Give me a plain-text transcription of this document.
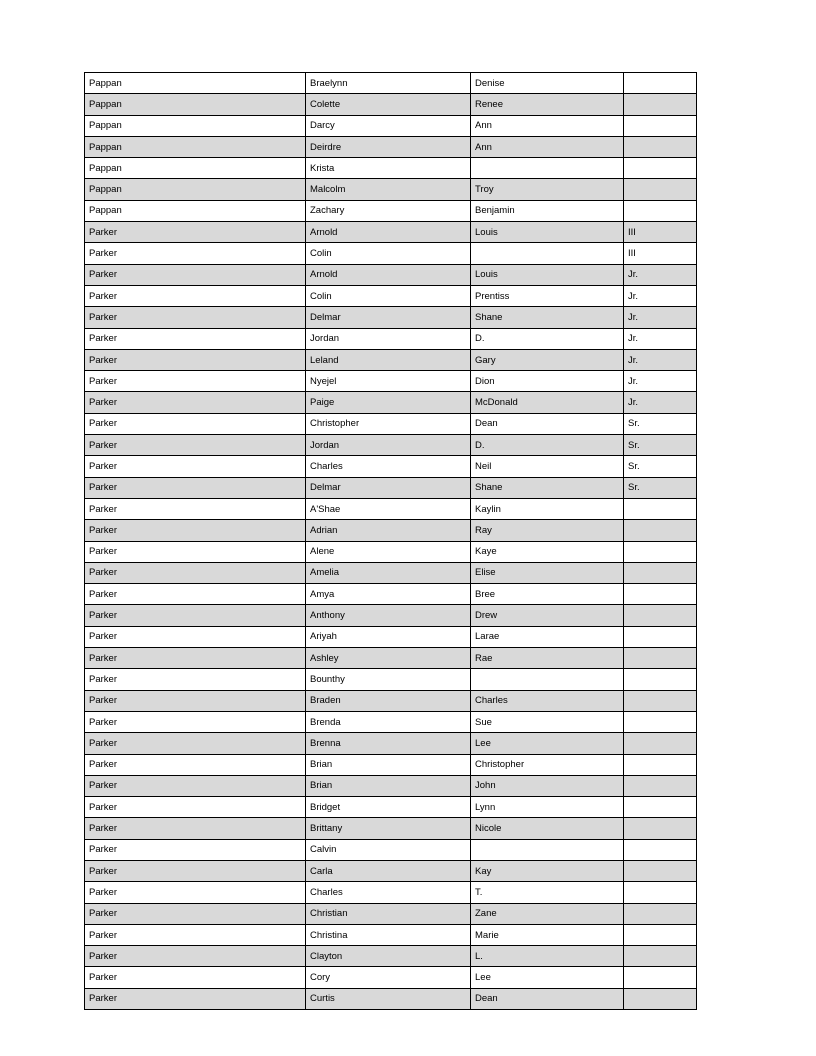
Pappan	Braelynn	Denise	
Pappan	Colette	Renee	
Pappan	Darcy	Ann	
Pappan	Deirdre	Ann	
Pappan	Krista		
Pappan	Malcolm	Troy	
Pappan	Zachary	Benjamin	
Parker	Arnold	Louis	III
Parker	Colin		III
Parker	Arnold	Louis	Jr.
Parker	Colin	Prentiss	Jr.
Parker	Delmar	Shane	Jr.
Parker	Jordan	D.	Jr.
Parker	Leland	Gary	Jr.
Parker	Nyejel	Dion	Jr.
Parker	Paige	McDonald	Jr.
Parker	Christopher	Dean	Sr.
Parker	Jordan	D.	Sr.
Parker	Charles	Neil	Sr.
Parker	Delmar	Shane	Sr.
Parker	A'Shae	Kaylin	
Parker	Adrian	Ray	
Parker	Alene	Kaye	
Parker	Amelia	Elise	
Parker	Amya	Bree	
Parker	Anthony	Drew	
Parker	Ariyah	Larae	
Parker	Ashley	Rae	
Parker	Bounthy		
Parker	Braden	Charles	
Parker	Brenda	Sue	
Parker	Brenna	Lee	
Parker	Brian	Christopher	
Parker	Brian	John	
Parker	Bridget	Lynn	
Parker	Brittany	Nicole	
Parker	Calvin		
Parker	Carla	Kay	
Parker	Charles	T.	
Parker	Christian	Zane	
Parker	Christina	Marie	
Parker	Clayton	L.	
Parker	Cory	Lee	
Parker	Curtis	Dean	
